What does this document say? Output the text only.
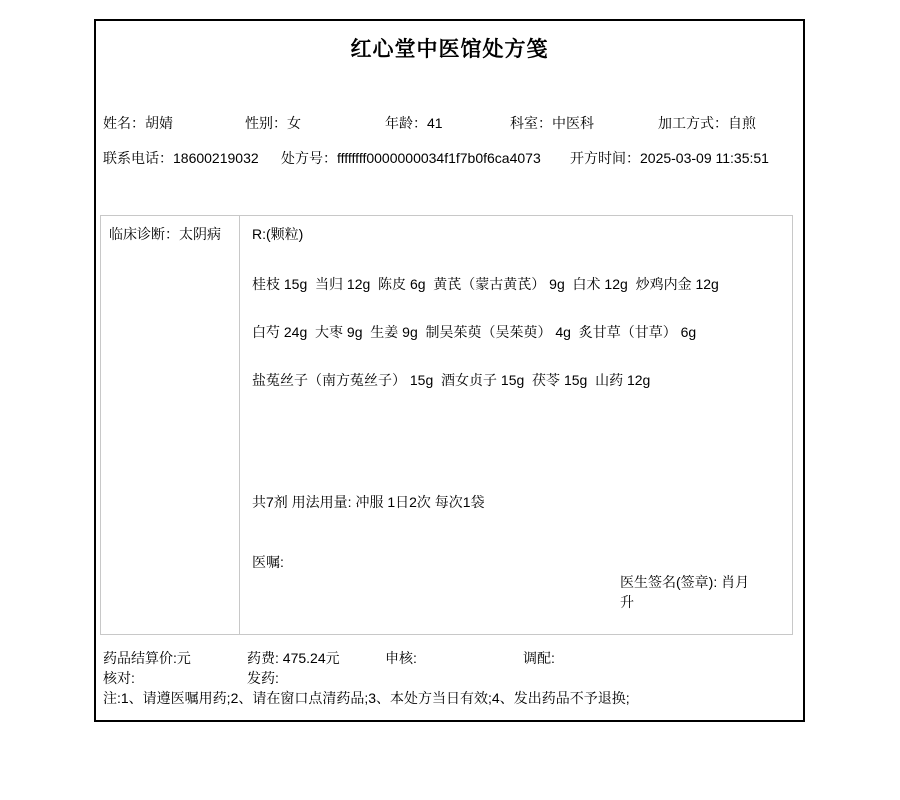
红心堂中医馆处方笺
姓名：胡婧	性别：女	年龄：41	科室：中医科	加工方式：自煎
联系电话：18600219032 处方号：ffffffff0000000034f1f7b0f6ca4073 开方时间：2025-03-09 11:35:51
临床诊断：太阴病	R:(颗粒)
桂枝 15g  当归 12g  陈皮 6g  黄芪（蒙古黄芪） 9g  白术 12g  炒鸡内金 12g
白芍 24g  大枣 9g  生姜 9g  制吴茱萸（吴茱萸） 4g  炙甘草（甘草） 6g
盐菟丝子（南方菟丝子） 15g  酒女贞子 15g  茯苓 15g  山药 12g

共7剂 用法用量: 冲服 1日2次 每次1袋

医嘱:

医生签名(签章): 肖月升
药品结算价:元	药费: 475.24元	申核:	调配:
核对:	发药:
注:1、请遵医嘱用药;2、请在窗口点清药品;3、本处方当日有效;4、发出药品不予退换;
